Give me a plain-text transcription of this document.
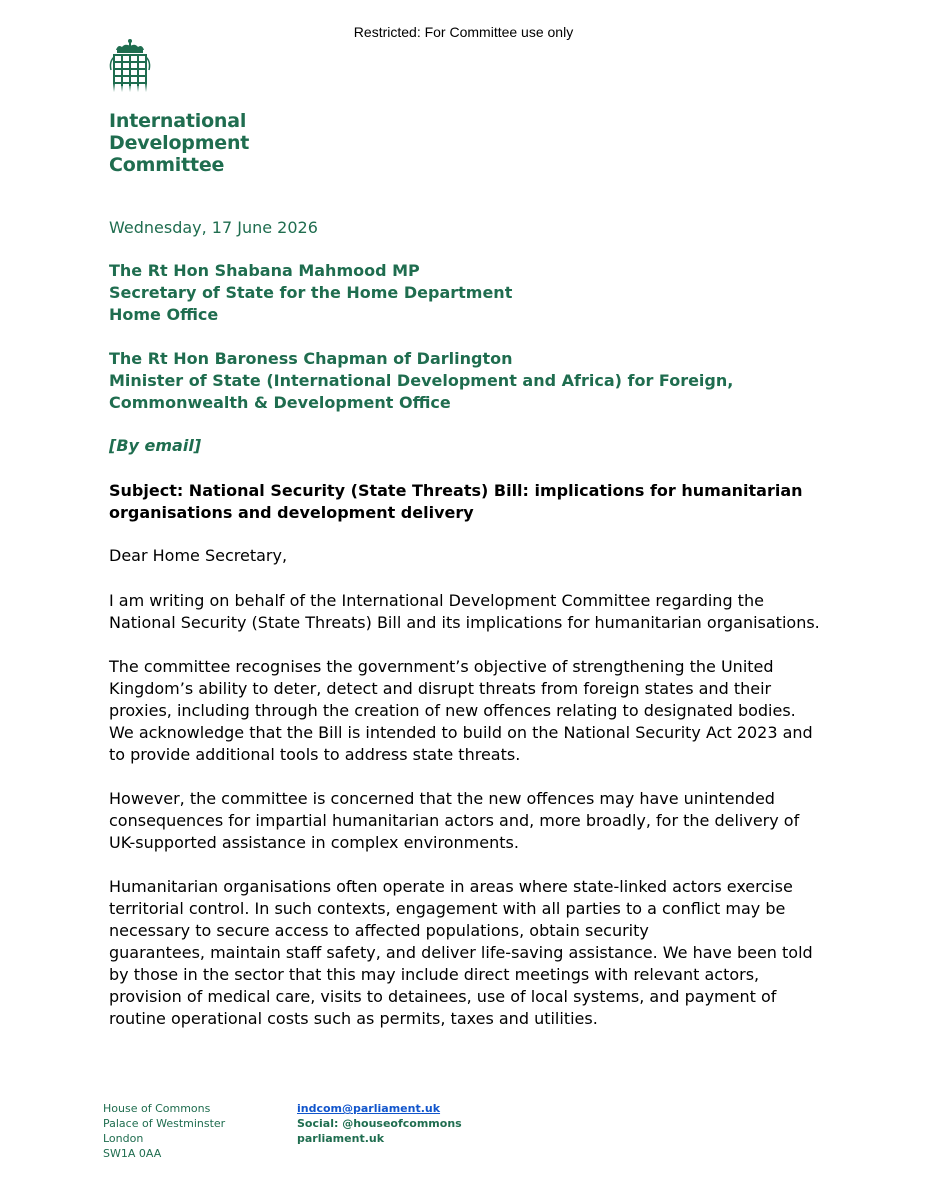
Restricted: For Committee use only
International
Development
Committee
Wednesday, 17 June 2026
The Rt Hon Shabana Mahmood MP
Secretary of State for the Home Department
Home Office
The Rt Hon Baroness Chapman of Darlington
Minister of State (International Development and Africa) for Foreign,
Commonwealth & Development Office
[By email]
Subject: National Security (State Threats) Bill: implications for humanitarian organisations and development delivery
Dear Home Secretary,
I am writing on behalf of the International Development Committee regarding the
National Security (State Threats) Bill and its implications for humanitarian organisations.
The committee recognises the government’s objective of strengthening the United
Kingdom’s ability to deter, detect and disrupt threats from foreign states and their
proxies, including through the creation of new offences relating to designated bodies.
We acknowledge that the Bill is intended to build on the National Security Act 2023 and
to provide additional tools to address state threats.
However, the committee is concerned that the new offences may have unintended
consequences for impartial humanitarian actors and, more broadly, for the delivery of
UK-supported assistance in complex environments.
Humanitarian organisations often operate in areas where state-linked actors exercise
territorial control. In such contexts, engagement with all parties to a conflict may be
necessary to secure access to affected populations, obtain security
guarantees, maintain staff safety, and deliver life-saving assistance. We have been told
by those in the sector that this may include direct meetings with relevant actors,
provision of medical care, visits to detainees, use of local systems, and payment of
routine operational costs such as permits, taxes and utilities.
House of Commons
Palace of Westminster
London
SW1A 0AA
indcom@parliament.uk
Social: @houseofcommons
parliament.uk
